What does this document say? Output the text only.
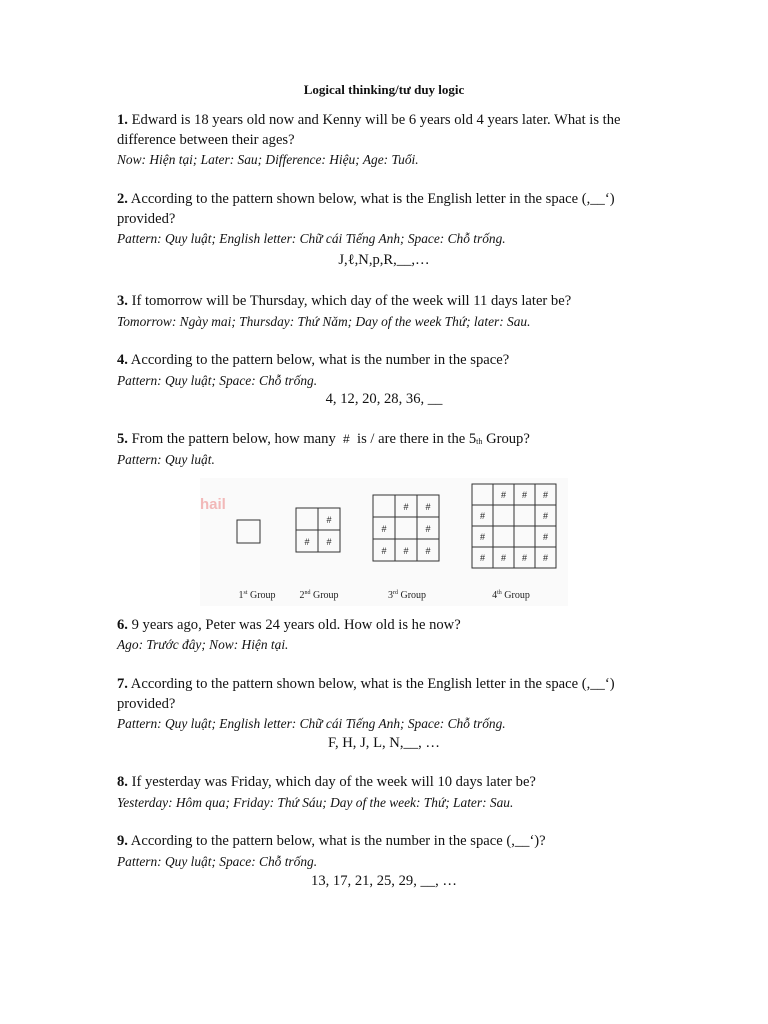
Logical thinking/tư duy logic
1. Edward is 18 years old now and Kenny will be 6 years old 4 years later. What is the difference between their ages?
Now: Hiện tại; Later: Sau; Difference: Hiệu; Age: Tuổi.
2. According to the pattern shown below, what is the English letter in the space (,__‘) provided?
Pattern: Quy luật; English letter: Chữ cái Tiếng Anh; Space: Chỗ trống.
J,ℓ,N,p,R,__,…
3. If tomorrow will be Thursday, which day of the week will 11 days later be?
Tomorrow: Ngày mai; Thursday: Thứ Năm; Day of the week Thứ; later: Sau.
4. According to the pattern below, what is the number in the space?
Pattern: Quy luật; Space: Chỗ trống.
4, 12, 20, 28, 36, __
5. From the pattern below, how many # is / are there in the 5th Group?
Pattern: Quy luật.
hail
#
# #
# #
#	#
# # #
# # #
#	#
#	#
# # # #
1st Group 2nd Group	3rd Group	4th Group
6. 9 years ago, Peter was 24 years old. How old is he now?
Ago: Trước đây; Now: Hiện tại.
7. According to the pattern shown below, what is the English letter in the space (,__‘) provided?
Pattern: Quy luật; English letter: Chữ cái Tiếng Anh; Space: Chỗ trống.
F, H, J, L, N,__, …
8. If yesterday was Friday, which day of the week will 10 days later be?
Yesterday: Hôm qua; Friday: Thứ Sáu; Day of the week: Thứ; Later: Sau.
9. According to the pattern below, what is the number in the space (,__‘)?
Pattern: Quy luật; Space: Chỗ trống.
13, 17, 21, 25, 29, __, …
